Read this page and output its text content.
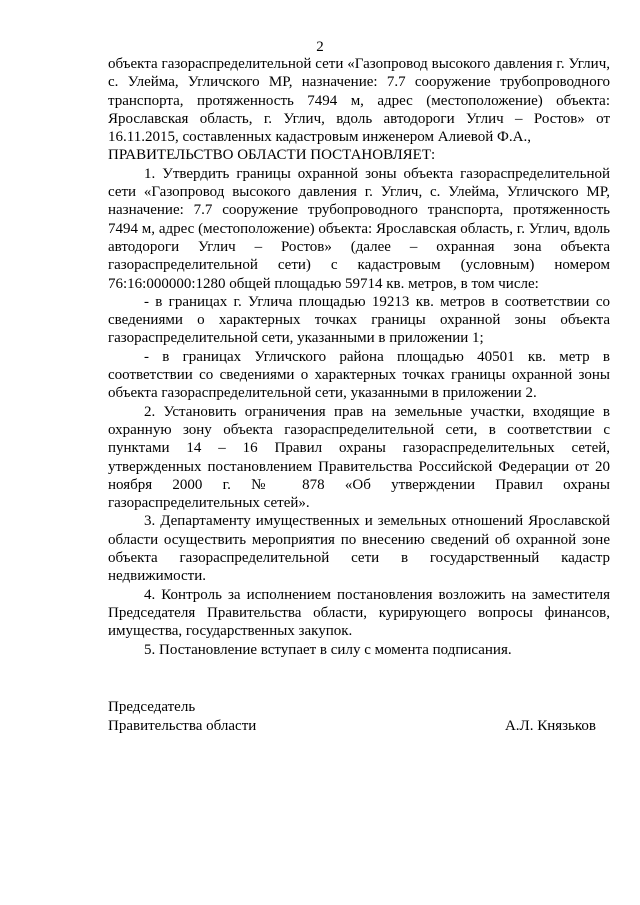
2

объекта газораспределительной сети «Газопровод высокого давления г. Углич, с. Улейма, Угличского МР, назначение: 7.7 сооружение трубопроводного транспорта, протяженность 7494 м, адрес (местоположение) объекта: Ярославская область, г. Углич, вдоль автодороги Углич – Ростов» от 16.11.2015, составленных кадастровым инженером Алиевой Ф.А.,

ПРАВИТЕЛЬСТВО ОБЛАСТИ ПОСТАНОВЛЯЕТ:

1. Утвердить границы охранной зоны объекта газораспределительной сети «Газопровод высокого давления г. Углич, с. Улейма, Угличского МР, назначение: 7.7 сооружение трубопроводного транспорта, протяженность 7494 м, адрес (местоположение) объекта: Ярославская область, г. Углич, вдоль автодороги Углич – Ростов» (далее – охранная зона объекта газораспределительной сети) с кадастровым (условным) номером 76:16:000000:1280 общей площадью 59714 кв. метров, в том числе:

- в границах г. Углича площадью 19213 кв. метров в соответствии со сведениями о характерных точках границы охранной зоны объекта газораспределительной сети, указанными в приложении 1;

- в границах Угличского района площадью 40501 кв. метр в соответствии со сведениями о характерных точках границы охранной зоны объекта газораспределительной сети, указанными в приложении 2.

2. Установить ограничения прав на земельные участки, входящие в охранную зону объекта газораспределительной сети, в соответствии с пунктами 14 – 16 Правил охраны газораспределительных сетей, утвержденных постановлением Правительства Российской Федерации от 20 ноября 2000 г. № 878 «Об утверждении Правил охраны газораспределительных сетей».

3. Департаменту имущественных и земельных отношений Ярославской области осуществить мероприятия по внесению сведений об охранной зоне объекта газораспределительной сети в государственный кадастр недвижимости.

4. Контроль за исполнением постановления возложить на заместителя Председателя Правительства области, курирующего вопросы финансов, имущества, государственных закупок.

5. Постановление вступает в силу с момента подписания.

Председатель
Правительства области	А.Л. Князьков
